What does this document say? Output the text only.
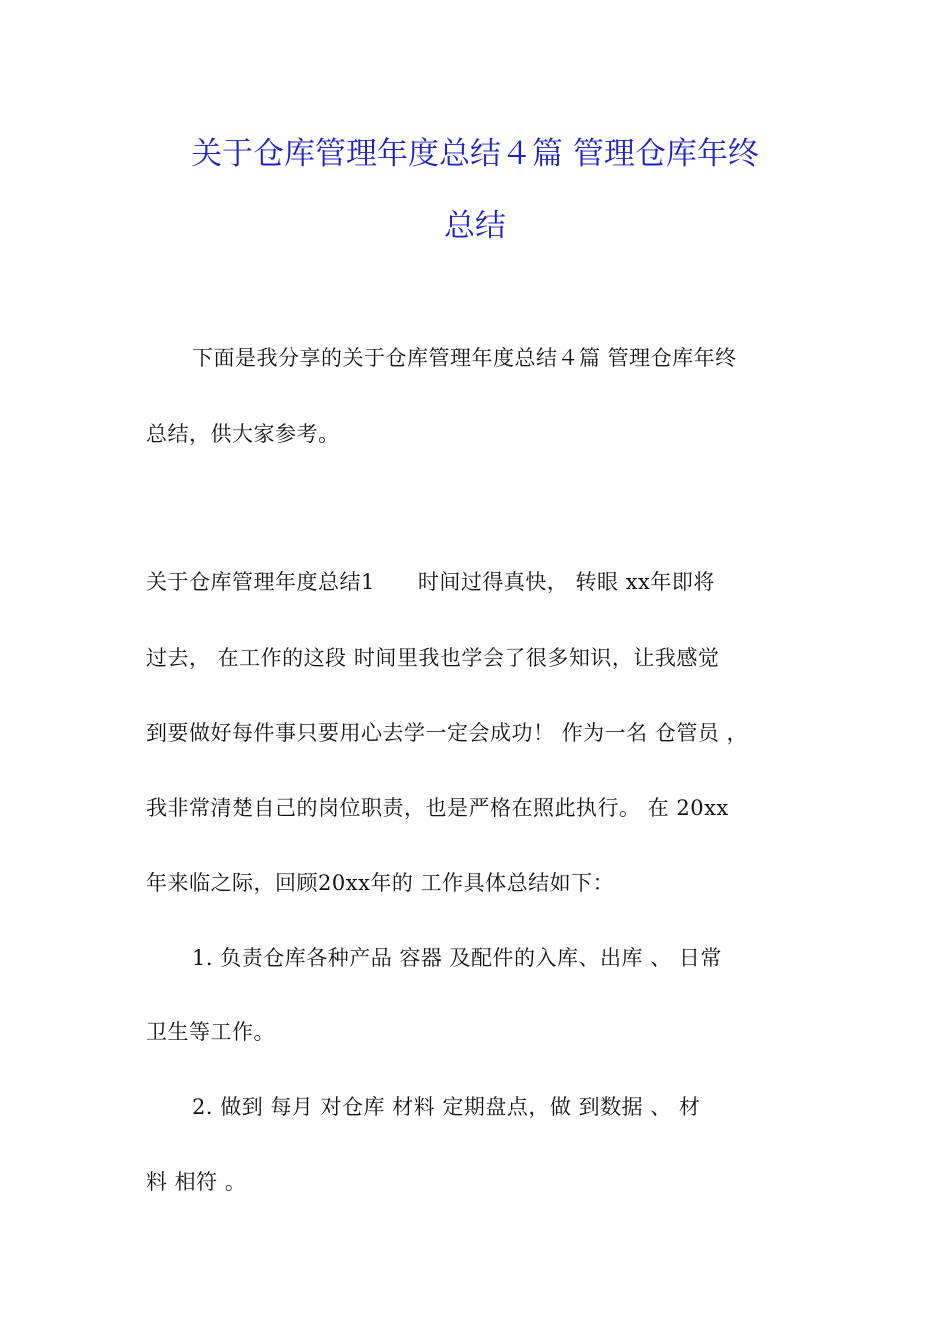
关于仓库管理年度总结４篇 管理仓库年终
总结
下面是我分享的关于仓库管理年度总结４篇 管理仓库年终
总结，供大家参考。
关于仓库管理年度总结1　　时间过得真快， 转眼 xx年即将
过去， 在工作的这段 时间里我也学会了很多知识，让我感觉
到要做好每件事只要用心去学一定会成功！ 作为一名 仓管员 ，
我非常清楚自己的岗位职责，也是严格在照此执行。 在 20xx
年来临之际，回顾20xx年的 工作具体总结如下：
1. 负责仓库各种产品 容器 及配件的入库、出库 、 日常
卫生等工作。
2. 做到 每月 对仓库 材料 定期盘点，做 到数据 、 材
料 相符 。
